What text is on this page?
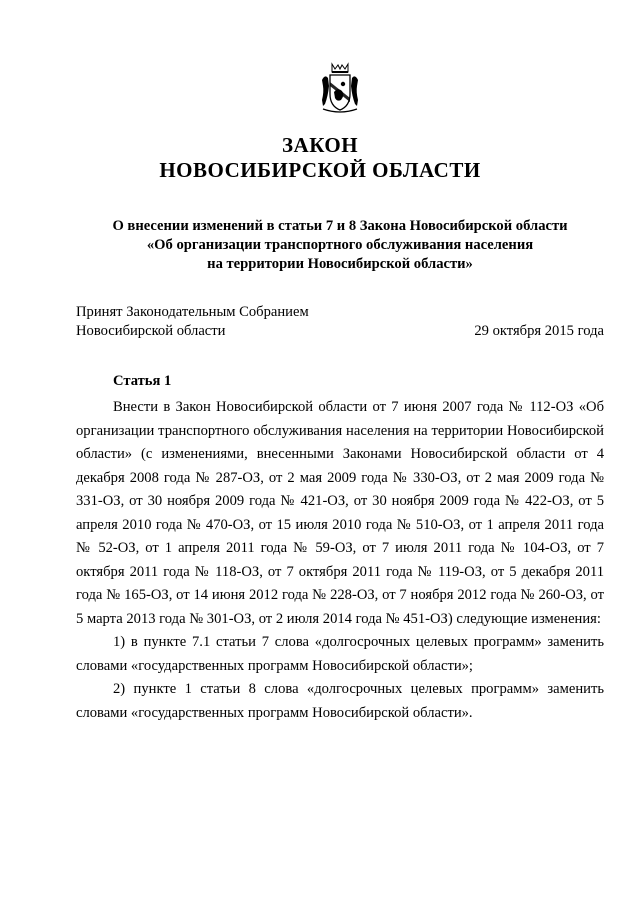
ЗАКОН
НОВОСИБИРСКОЙ ОБЛАСТИ
О внесении изменений в статьи 7 и 8 Закона Новосибирской области
«Об организации транспортного обслуживания населения
на территории Новосибирской области»
Принят Законодательным Собранием
Новосибирской области	29 октября 2015 года
Статья 1

Внести в Закон Новосибирской области от 7 июня 2007 года № 112-ОЗ «Об организации транспортного обслуживания населения на территории Новосибирской области» (с изменениями, внесенными Законами Новосибирской области от 4 декабря 2008 года № 287-ОЗ, от 2 мая 2009 года № 330-ОЗ, от 2 мая 2009 года № 331-ОЗ, от 30 ноября 2009 года № 421-ОЗ, от 30 ноября 2009 года № 422-ОЗ, от 5 апреля 2010 года № 470-ОЗ, от 15 июля 2010 года № 510-ОЗ, от 1 апреля 2011 года № 52-ОЗ, от 1 апреля 2011 года № 59-ОЗ, от 7 июля 2011 года № 104-ОЗ, от 7 октября 2011 года № 118-ОЗ, от 7 октября 2011 года № 119-ОЗ, от 5 декабря 2011 года № 165-ОЗ, от 14 июня 2012 года № 228-ОЗ, от 7 ноября 2012 года № 260-ОЗ, от 5 марта 2013 года № 301-ОЗ, от 2 июля 2014 года № 451-ОЗ) следующие изменения:

1) в пункте 7.1 статьи 7 слова «долгосрочных целевых программ» заменить словами «государственных программ Новосибирской области»;

2) пункте 1 статьи 8 слова «долгосрочных целевых программ» заменить словами «государственных программ Новосибирской области».
